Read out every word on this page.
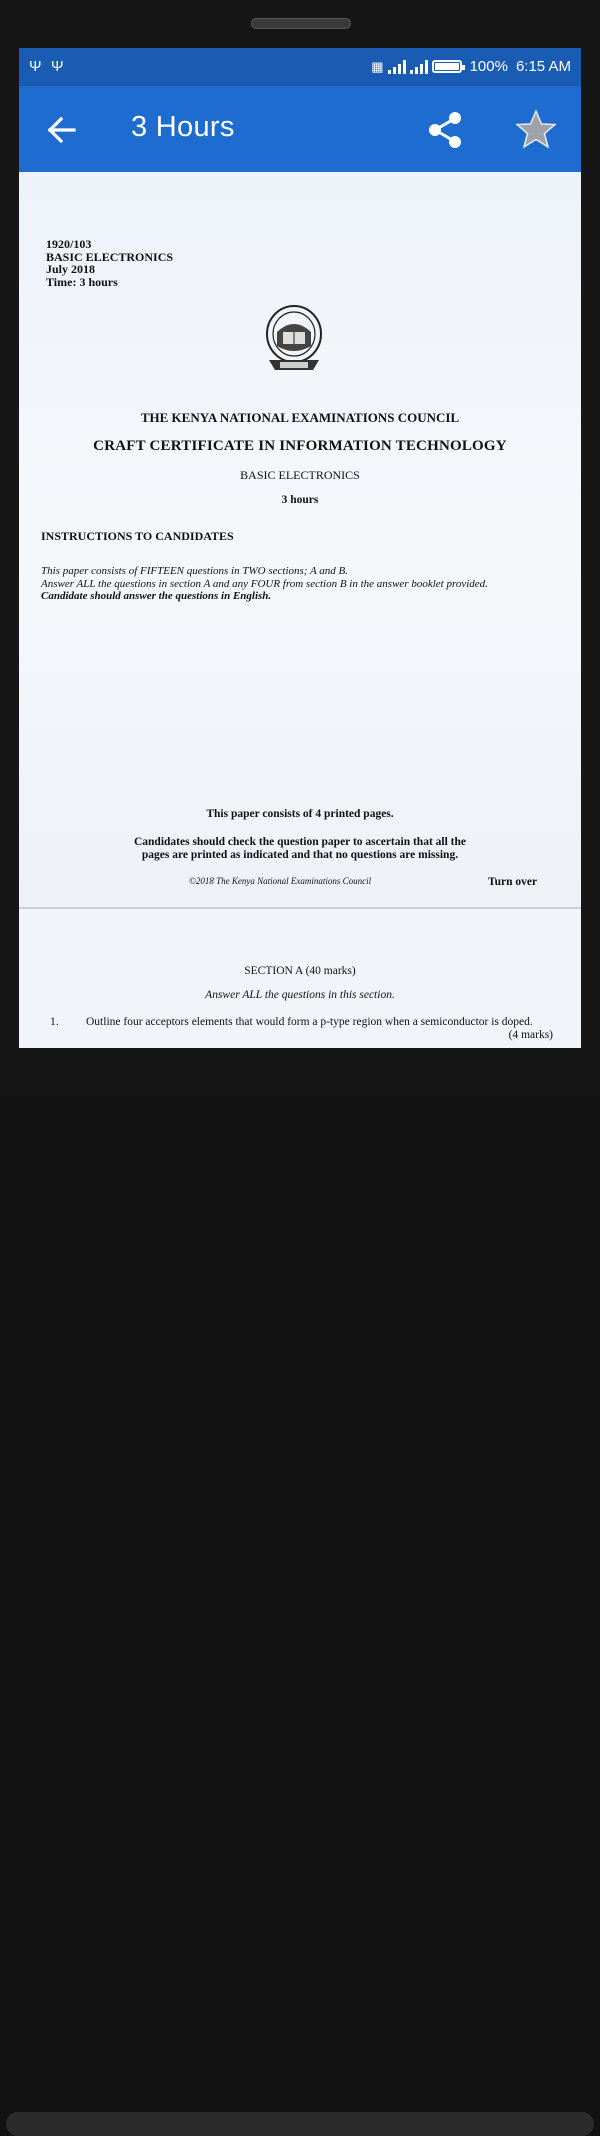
Ψ Ψ	▦	100% 6:15 AM
3 Hours
1920/103
BASIC ELECTRONICS
July 2018
Time: 3 hours
THE KENYA NATIONAL EXAMINATIONS COUNCIL
CRAFT CERTIFICATE IN INFORMATION TECHNOLOGY
BASIC ELECTRONICS
3 hours
INSTRUCTIONS TO CANDIDATES
This paper consists of FIFTEEN questions in TWO sections; A and B.
Answer ALL the questions in section A and any FOUR from section B in the answer booklet provided.
Candidate should answer the questions in English.
This paper consists of 4 printed pages.
Candidates should check the question paper to ascertain that all the
pages are printed as indicated and that no questions are missing.
©2018 The Kenya National Examinations Council	Turn over
SECTION A (40 marks)
Answer ALL the questions in this section.
1. Outline four acceptors elements that would form a p-type region when a semiconductor is doped.
(4 marks)
